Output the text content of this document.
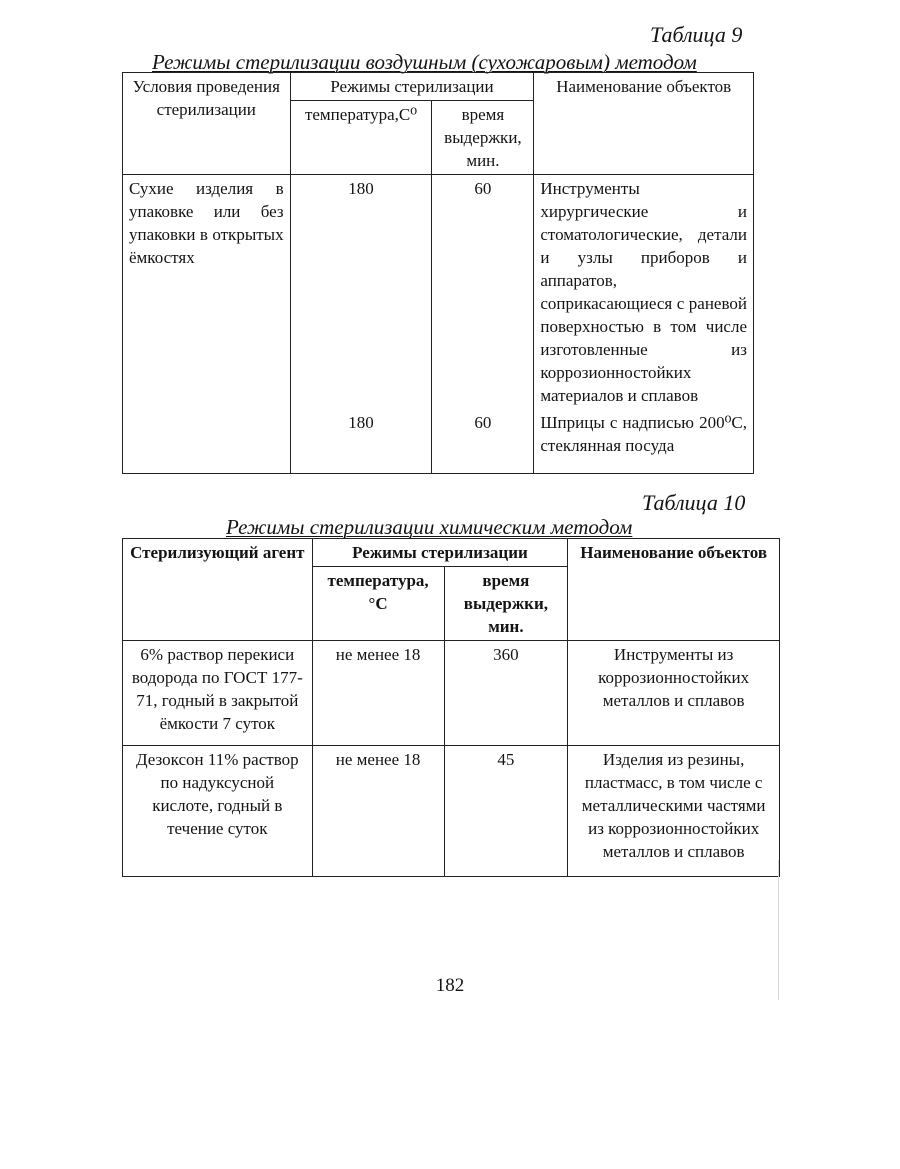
Таблица 9
Режимы стерилизации воздушным (сухожаровым) методом
Условия проведения стерилизации	Режимы стерилизации		Наименование объектов
	температура,С⁰	время выдержки, мин.	
Сухие изделия в упаковке или без упаковки в открытых ёмкостях	180	60	Инструменты хирургические и стоматологические, детали и узлы приборов и аппаратов, соприкасающиеся с раневой поверхностью в том числе изготовленные из коррозионностойких материалов и сплавов
	180	60	Шприцы с надписью 200⁰С, стеклянная посуда
Таблица 10
Режимы стерилизации химическим методом
Стерилизующий агент	Режимы стерилизации		Наименование объектов
	температура, °С	время выдержки, мин.	
6% раствор перекиси водорода по ГОСТ 177-71, годный в закрытой ёмкости 7 суток	не менее 18	360	Инструменты из коррозионностойких металлов и сплавов
Дезоксон 11% раствор по надуксусной кислоте, годный в течение суток	не менее 18	45	Изделия из резины, пластмасс, в том числе с металлическими частями из коррозионностойких металлов и сплавов
182
